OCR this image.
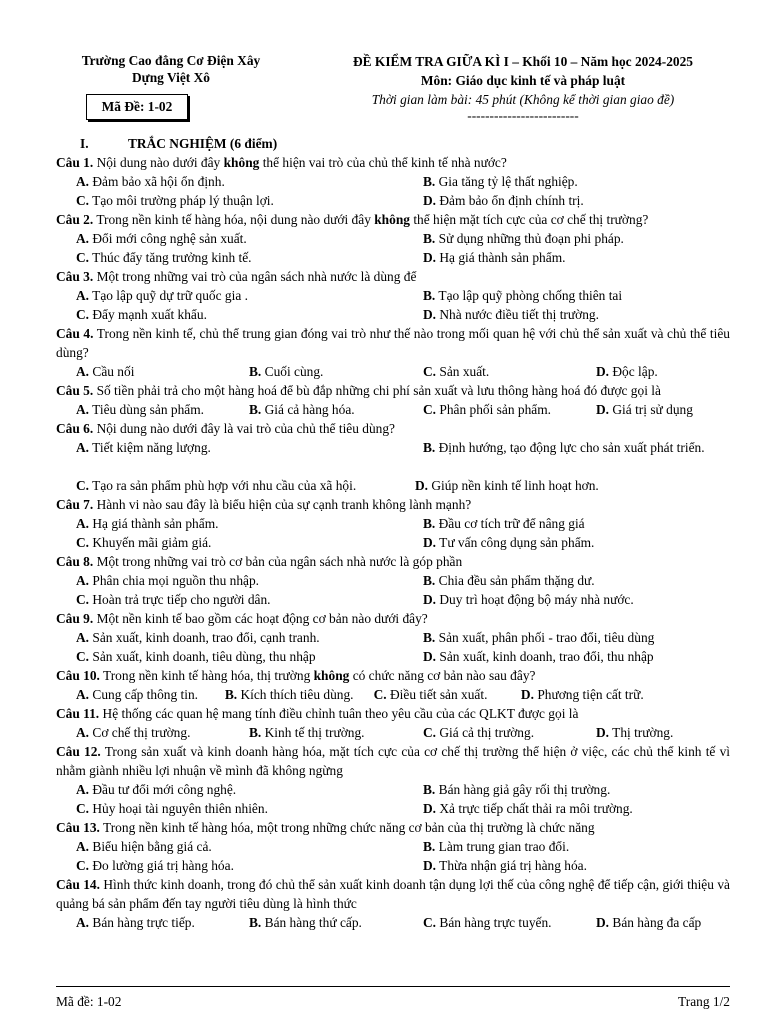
Trường Cao đẳng Cơ Điện Xây
Dựng Việt Xô
Mã Đề: 1-02
ĐỀ KIỂM TRA GIỮA KÌ I – Khối 10 – Năm học 2024-2025
Môn: Giáo dục kinh tế và pháp luật
Thời gian làm bài: 45 phút (Không kể thời gian giao đề)
-------------------------
I.	TRẮC NGHIỆM (6 điểm)
Câu 1. Nội dung nào dưới đây không thể hiện vai trò của chủ thể kinh tế nhà nước?
A. Đảm bảo xã hội ổn định.	B. Gia tăng tỷ lệ thất nghiệp.
C. Tạo môi trường pháp lý thuận lợi.	D. Đảm bảo ổn định chính trị.
Câu 2. Trong nền kinh tế hàng hóa, nội dung nào dưới đây không thể hiện mặt tích cực của cơ chế thị trường?
A. Đổi mới công nghệ sản xuất.	B. Sử dụng những thủ đoạn phi pháp.
C. Thúc đẩy tăng trưởng kinh tế.	D. Hạ giá thành sản phẩm.
Câu 3. Một trong những vai trò của ngân sách nhà nước là dùng để
A. Tạo lập quỹ dự trữ quốc gia .	B. Tạo lập quỹ phòng chống thiên tai
C. Đẩy mạnh xuất khẩu.	D. Nhà nước điều tiết thị trường.
Câu 4. Trong nền kinh tế, chủ thể trung gian đóng vai trò như thế nào trong mối quan hệ với chủ thể sản xuất và chủ thể tiêu dùng?
A. Cầu nối	B. Cuối cùng.	C. Sản xuất.	D. Độc lập.
Câu 5. Số tiền phải trả cho một hàng hoá để bù đắp những chi phí sản xuất và lưu thông hàng hoá đó được gọi là
A. Tiêu dùng sản phẩm.	B. Giá cả hàng hóa.	C. Phân phối sản phẩm.	D. Giá trị sử dụng
Câu 6. Nội dung nào dưới đây là vai trò của chủ thể tiêu dùng?
A. Tiết kiệm năng lượng.	B. Định hướng, tạo động lực cho sản xuất phát triển.
C. Tạo ra sản phẩm phù hợp với nhu cầu của xã hội.	D. Giúp nền kinh tế linh hoạt hơn.
Câu 7. Hành vi nào sau đây là biểu hiện của sự cạnh tranh không lành mạnh?
A. Hạ giá thành sản phẩm.	B. Đầu cơ tích trữ để nâng giá
C. Khuyến mãi giảm giá.	D. Tư vấn công dụng sản phẩm.
Câu 8. Một trong những vai trò cơ bản của ngân sách nhà nước là góp phần
A. Phân chia mọi nguồn thu nhập.	B. Chia đều sản phẩm thặng dư.
C. Hoàn trả trực tiếp cho người dân.	D. Duy trì hoạt động bộ máy nhà nước.
Câu 9. Một nền kinh tế bao gồm các hoạt động cơ bản nào dưới đây?
A. Sản xuất, kinh doanh, trao đổi, cạnh tranh.	B. Sản xuất, phân phối - trao đổi, tiêu dùng
C. Sản xuất, kinh doanh, tiêu dùng, thu nhập	D. Sản xuất, kinh doanh, trao đổi, thu nhập
Câu 10. Trong nền kinh tế hàng hóa, thị trường không có chức năng cơ bản nào sau đây?
A. Cung cấp thông tin. B. Kích thích tiêu dùng. C. Điều tiết sản xuất. D. Phương tiện cất trữ.
Câu 11. Hệ thống các quan hệ mang tính điều chỉnh tuân theo yêu cầu của các QLKT được gọi là
A. Cơ chế thị trường.	B. Kinh tế thị trường.	C. Giá cả thị trường.	D. Thị trường.
Câu 12. Trong sản xuất và kinh doanh hàng hóa, mặt tích cực của cơ chế thị trường thể hiện ở việc, các chủ thể kinh tế vì nhằm giành nhiều lợi nhuận về mình đã không ngừng
A. Đầu tư đổi mới công nghệ.	B. Bán hàng giả gây rối thị trường.
C. Hủy hoại tài nguyên thiên nhiên.	D. Xả trực tiếp chất thải ra môi trường.
Câu 13. Trong nền kinh tế hàng hóa, một trong những chức năng cơ bản của thị trường là chức năng
A. Biểu hiện bằng giá cả.	B. Làm trung gian trao đổi.
C. Đo lường giá trị hàng hóa.	D. Thừa nhận giá trị hàng hóa.
Câu 14. Hình thức kinh doanh, trong đó chủ thể sản xuất kinh doanh tận dụng lợi thế của công nghệ để tiếp cận, giới thiệu và quảng bá sản phẩm đến tay người tiêu dùng là hình thức
A. Bán hàng trực tiếp.	B. Bán hàng thứ cấp.	C. Bán hàng trực tuyến.	D. Bán hàng đa cấp
Mã đề: 1-02	Trang 1/2
